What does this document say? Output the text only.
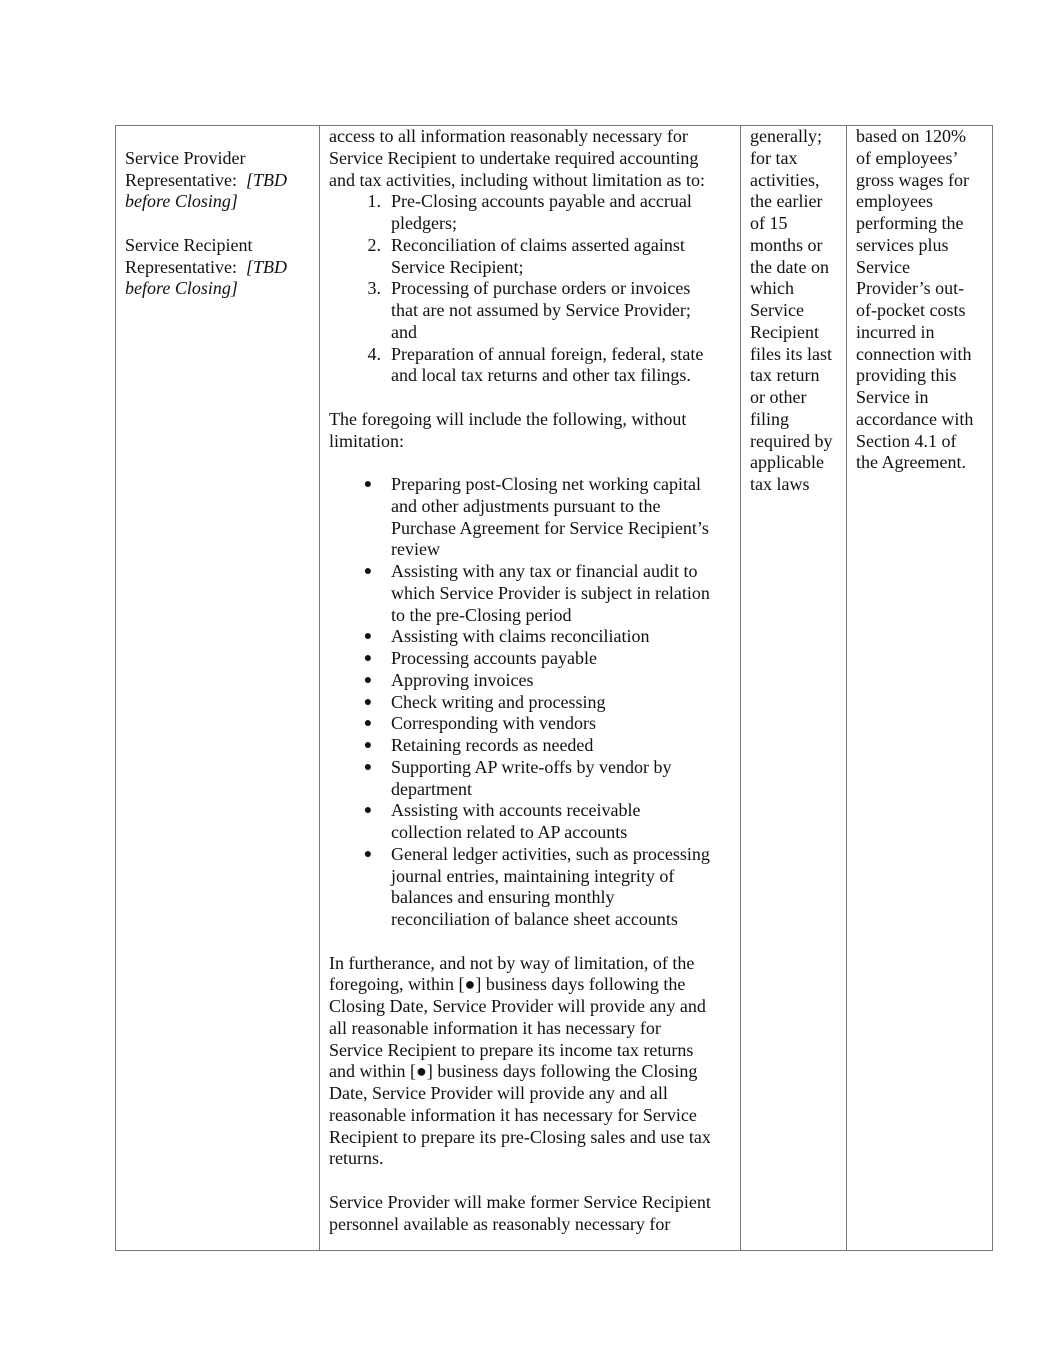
Service Provider
Representative:  [TBD
before Closing]
Service Recipient
Representative:  [TBD
before Closing]
access to all information reasonably necessary for
Service Recipient to undertake required accounting
and tax activities, including without limitation as to:
1. Pre-Closing accounts payable and accrual
pledgers;
2. Reconciliation of claims asserted against
Service Recipient;
3. Processing of purchase orders or invoices
that are not assumed by Service Provider;
and
4. Preparation of annual foreign, federal, state
and local tax returns and other tax filings.
The foregoing will include the following, without
limitation:
● Preparing post-Closing net working capital
and other adjustments pursuant to the
Purchase Agreement for Service Recipient’s
review
● Assisting with any tax or financial audit to
which Service Provider is subject in relation
to the pre-Closing period
● Assisting with claims reconciliation
● Processing accounts payable
● Approving invoices
● Check writing and processing
● Corresponding with vendors
● Retaining records as needed
● Supporting AP write-offs by vendor by
department
● Assisting with accounts receivable
collection related to AP accounts
● General ledger activities, such as processing
journal entries, maintaining integrity of
balances and ensuring monthly
reconciliation of balance sheet accounts
In furtherance, and not by way of limitation, of the
foregoing, within [●] business days following the
Closing Date, Service Provider will provide any and
all reasonable information it has necessary for
Service Recipient to prepare its income tax returns
and within [●] business days following the Closing
Date, Service Provider will provide any and all
reasonable information it has necessary for Service
Recipient to prepare its pre-Closing sales and use tax
returns.
Service Provider will make former Service Recipient
personnel available as reasonably necessary for
generally;
for tax
activities,
the earlier
of 15
months or
the date on
which
Service
Recipient
files its last
tax return
or other
filing
required by
applicable
tax laws
based on 120%
of employees’
gross wages for
employees
performing the
services plus
Service
Provider’s out-
of-pocket costs
incurred in
connection with
providing this
Service in
accordance with
Section 4.1 of
the Agreement.
